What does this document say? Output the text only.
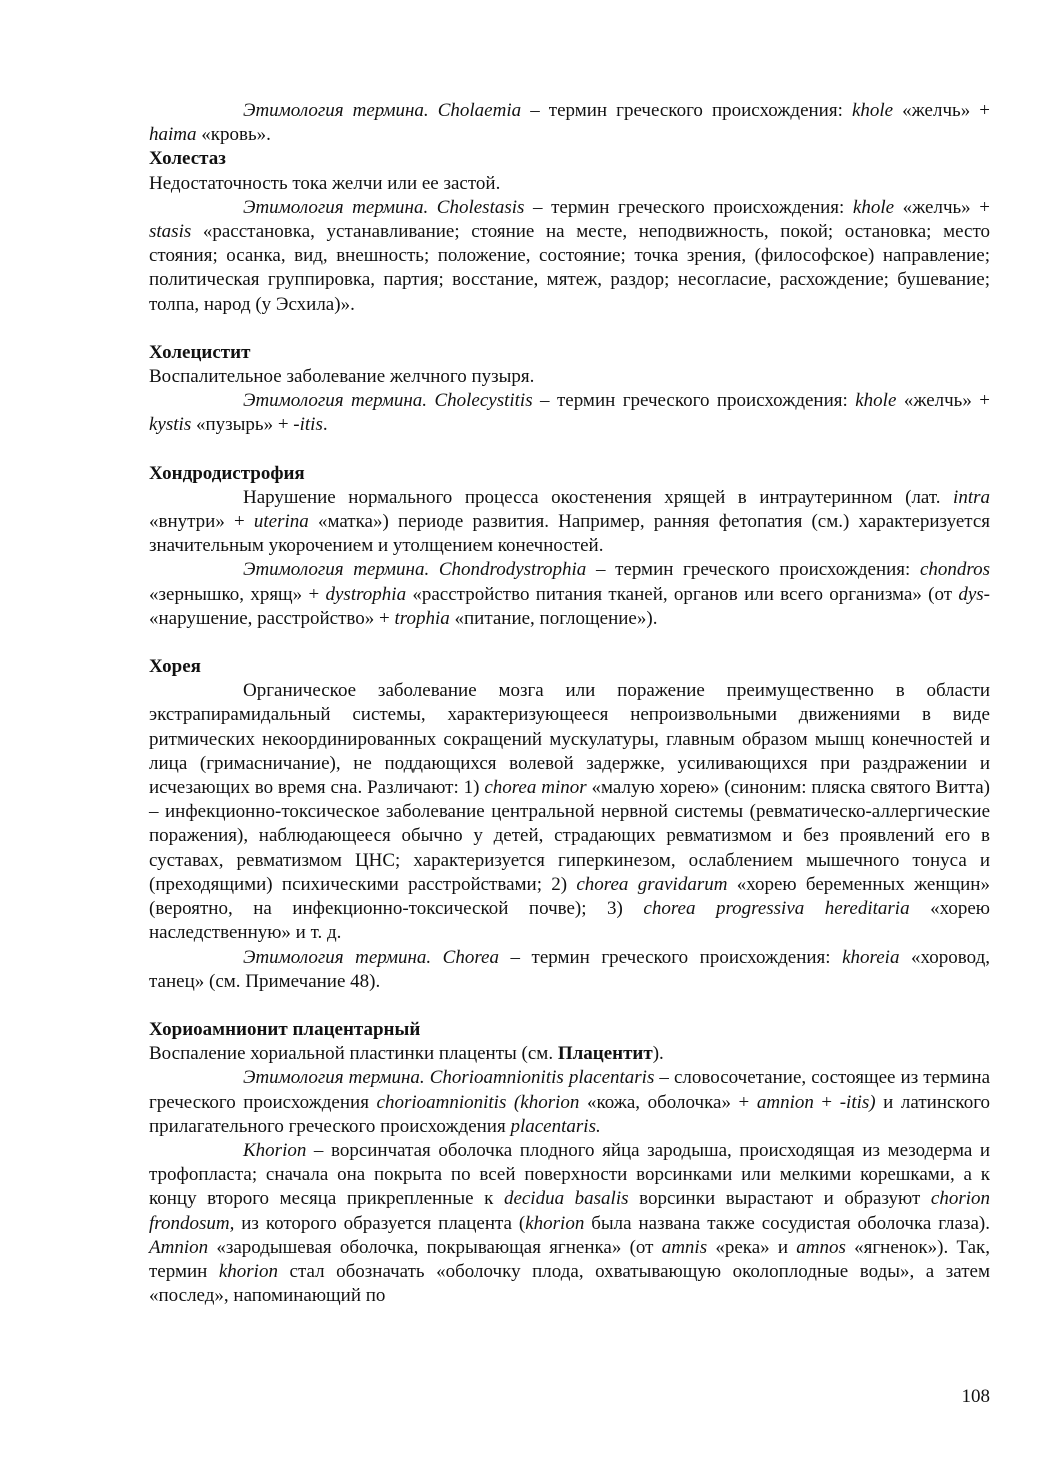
Этимология термина. Cholaemia – термин греческого происхождения: khole «желчь» + haima «кровь».

Холестаз

Недостаточность тока желчи или ее застой.

Этимология термина. Cholestasis – термин греческого происхождения: khole «желчь» + stasis «расстановка, устанавливание; стояние на месте, неподвижность, покой; остановка; место стояния; осанка, вид, внешность; положение, состояние; точка зрения, (философское) направление; политическая группировка, партия; восстание, мятеж, раздор; несогласие, расхождение; бушевание; толпа, народ (у Эсхила)».

Холецистит

Воспалительное заболевание желчного пузыря.

Этимология термина. Cholecystitis – термин греческого происхождения: khole «желчь» + kystis «пузырь» + -itis.

Хондродистрофия

Нарушение нормального процесса окостенения хрящей в интраутеринном (лат. intra «внутри» + uterina «матка») периоде развития. Например, ранняя фетопатия (см.) характеризуется значительным укорочением и утолщением конечностей.

Этимология термина. Chondrodystrophia – термин греческого происхождения: chondros «зернышко, хрящ» + dystrophia «расстройство питания тканей, органов или всего организма» (от dys- «нарушение, расстройство» + trophia «питание, поглощение»).

Хорея

Органическое заболевание мозга или поражение преимущественно в области экстрапирамидальный системы, характеризующееся непроизвольными движениями в виде ритмических некоординированных сокращений мускулатуры, главным образом мышц конечностей и лица (гримасничание), не поддающихся волевой задержке, усиливающихся при раздражении и исчезающих во время сна. Различают: 1) chorea minor «малую хорею» (синоним: пляска святого Витта) – инфекционно-токсическое заболевание центральной нервной системы (ревматическо-аллергические поражения), наблюдающееся обычно у детей, страдающих ревматизмом и без проявлений его в суставах, ревматизмом ЦНС; характеризуется гиперкинезом, ослаблением мышечного тонуса и (преходящими) психическими расстройствами; 2) chorea gravidarum «хорею беременных женщин» (вероятно, на инфекционно-токсической почве); 3) chorea progressiva hereditaria «хорею наследственную» и т. д.

Этимология термина. Chorea – термин греческого происхождения: khoreia «хоровод, танец» (см. Примечание 48).

Хориоамнионит плацентарный

Воспаление хориальной пластинки плаценты (см. Плацентит).

Этимология термина. Chorioamnionitis placentaris – словосочетание, состоящее из термина греческого происхождения chorioamnionitis (khorion «кожа, оболочка» + amnion + -itis) и латинского прилагательного греческого происхождения placentaris.

Khorion – ворсинчатая оболочка плодного яйца зародыша, происходящая из мезодерма и трофопласта; сначала она покрыта по всей поверхности ворсинками или мелкими корешками, а к концу второго месяца прикрепленные к decidua basalis ворсинки вырастают и образуют chorion frondosum, из которого образуется плацента (khorion была названа также сосудистая оболочка глаза). Amnion «зародышевая оболочка, покрывающая ягненка» (от amnis «река» и amnos «ягненок»). Так, термин khorion стал обозначать «оболочку плода, охватывающую околоплодные воды», а затем «послед», напоминающий по

108
